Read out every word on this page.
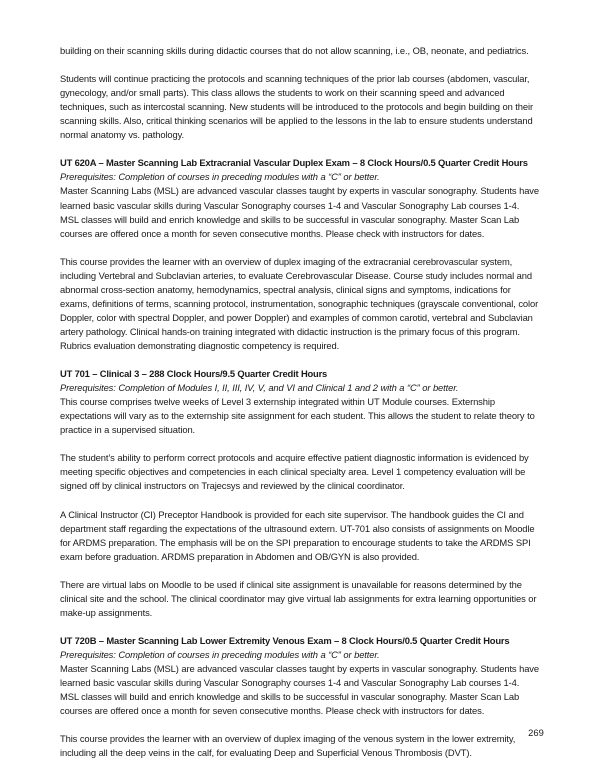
building on their scanning skills during didactic courses that do not allow scanning, i.e., OB, neonate, and pediatrics.

Students will continue practicing the protocols and scanning techniques of the prior lab courses (abdomen, vascular, gynecology, and/or small parts). This class allows the students to work on their scanning speed and advanced techniques, such as intercostal scanning. New students will be introduced to the protocols and begin building on their scanning skills. Also, critical thinking scenarios will be applied to the lessons in the lab to ensure students understand normal anatomy vs. pathology.

UT 620A – Master Scanning Lab Extracranial Vascular Duplex Exam – 8 Clock Hours/0.5 Quarter Credit Hours

Prerequisites: Completion of courses in preceding modules with a “C” or better.

Master Scanning Labs (MSL) are advanced vascular classes taught by experts in vascular sonography. Students have learned basic vascular skills during Vascular Sonography courses 1-4 and Vascular Sonography Lab courses 1-4. MSL classes will build and enrich knowledge and skills to be successful in vascular sonography. Master Scan Lab courses are offered once a month for seven consecutive months. Please check with instructors for dates.

This course provides the learner with an overview of duplex imaging of the extracranial cerebrovascular system, including Vertebral and Subclavian arteries, to evaluate Cerebrovascular Disease. Course study includes normal and abnormal cross-section anatomy, hemodynamics, spectral analysis, clinical signs and symptoms, indications for exams, definitions of terms, scanning protocol, instrumentation, sonographic techniques (grayscale conventional, color Doppler, color with spectral Doppler, and power Doppler) and examples of common carotid, vertebral and Subclavian artery pathology. Clinical hands-on training integrated with didactic instruction is the primary focus of this program. Rubrics evaluation demonstrating diagnostic competency is required.

UT 701 – Clinical 3 – 288 Clock Hours/9.5 Quarter Credit Hours

Prerequisites: Completion of Modules I, II, III, IV, V, and VI and Clinical 1 and 2 with a “C” or better.

This course comprises twelve weeks of Level 3 externship integrated within UT Module courses. Externship expectations will vary as to the externship site assignment for each student. This allows the student to relate theory to practice in a supervised situation.

The student’s ability to perform correct protocols and acquire effective patient diagnostic information is evidenced by meeting specific objectives and competencies in each clinical specialty area. Level 1 competency evaluation will be signed off by clinical instructors on Trajecsys and reviewed by the clinical coordinator.

A Clinical Instructor (CI) Preceptor Handbook is provided for each site supervisor. The handbook guides the CI and department staff regarding the expectations of the ultrasound extern. UT-701 also consists of assignments on Moodle for ARDMS preparation. The emphasis will be on the SPI preparation to encourage students to take the ARDMS SPI exam before graduation. ARDMS preparation in Abdomen and OB/GYN is also provided.

There are virtual labs on Moodle to be used if clinical site assignment is unavailable for reasons determined by the clinical site and the school. The clinical coordinator may give virtual lab assignments for extra learning opportunities or make-up assignments.

UT 720B – Master Scanning Lab Lower Extremity Venous Exam – 8 Clock Hours/0.5 Quarter Credit Hours

Prerequisites: Completion of courses in preceding modules with a “C” or better.

Master Scanning Labs (MSL) are advanced vascular classes taught by experts in vascular sonography. Students have learned basic vascular skills during Vascular Sonography courses 1-4 and Vascular Sonography Lab courses 1-4. MSL classes will build and enrich knowledge and skills to be successful in vascular sonography. Master Scan Lab courses are offered once a month for seven consecutive months. Please check with instructors for dates.

This course provides the learner with an overview of duplex imaging of the venous system in the lower extremity, including all the deep veins in the calf, for evaluating Deep and Superficial Venous Thrombosis (DVT).

269
